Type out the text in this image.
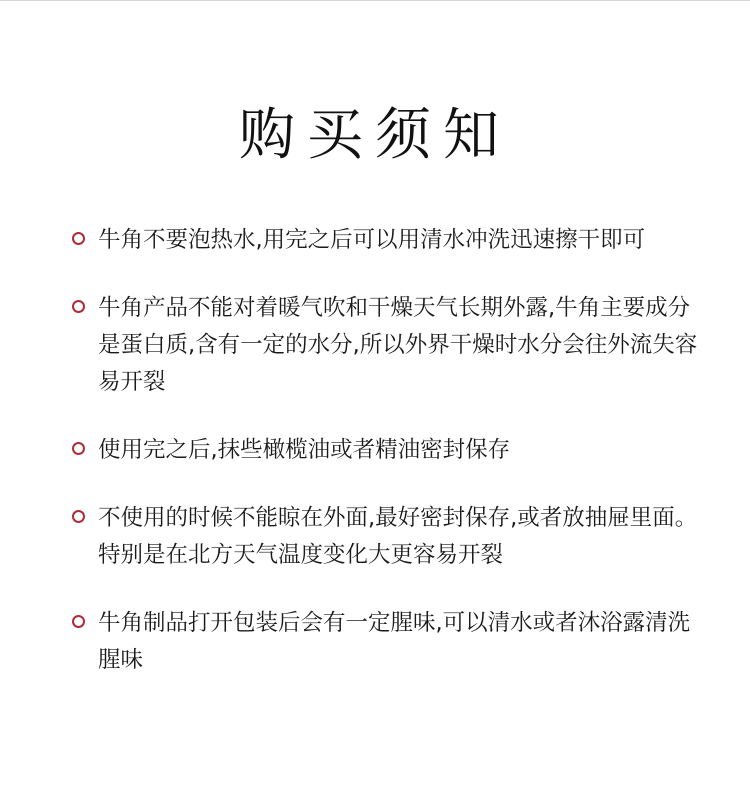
购买须知
牛角不要泡热水,用完之后可以用清水冲洗迅速擦干即可
牛角产品不能对着暖气吹和干燥天气长期外露,牛角主要成分是蛋白质,含有一定的水分,所以外界干燥时水分会往外流失容易开裂
使用完之后,抹些橄榄油或者精油密封保存
不使用的时候不能晾在外面,最好密封保存,或者放抽屉里面。特别是在北方天气温度变化大更容易开裂
牛角制品打开包装后会有一定腥味,可以清水或者沐浴露清洗腥味
